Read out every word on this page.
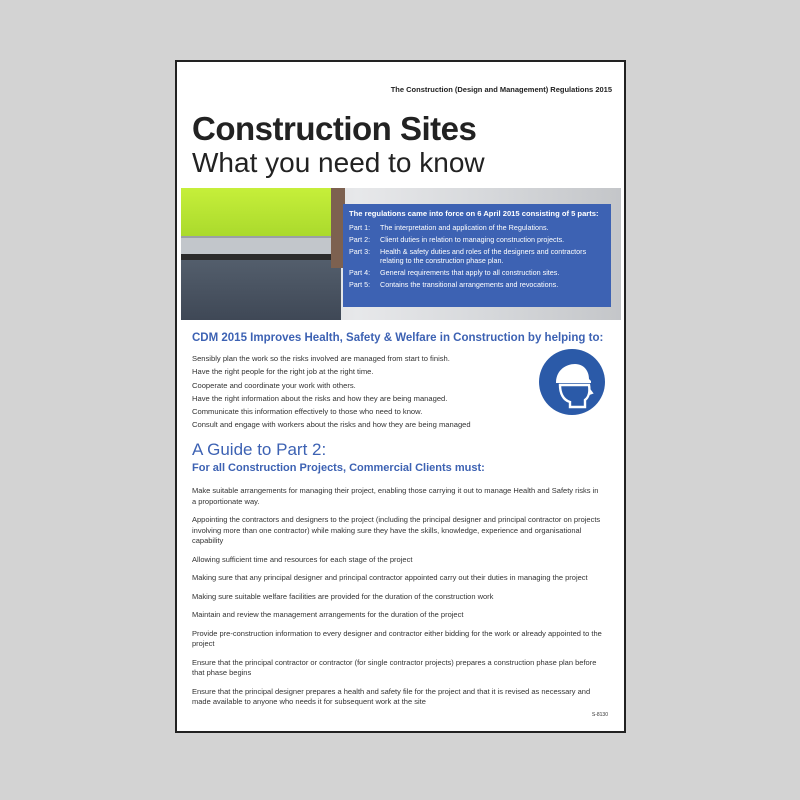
The Construction (Design and Management) Regulations 2015
Construction Sites
What you need to know
The regulations came into force on 6 April 2015 consisting of 5 parts:
Part 1:	The interpretation and application of the Regulations.
Part 2:	Client duties in relation to managing construction projects.
Part 3:	Health & safety duties and roles of the designers and contractors relating to the construction phase plan.
Part 4:	General requirements that apply to all construction sites.
Part 5:	Contains the transitional arrangements and revocations.
CDM 2015 Improves Health, Safety & Welfare in Construction by helping to:
Sensibly plan the work so the risks involved are managed from start to finish.
Have the right people for the right job at the right time.
Cooperate and coordinate your work with others.
Have the right information about the risks and how they are being managed.
Communicate this information effectively to those who need to know.
Consult and engage with workers about the risks and how they are being managed
A Guide to Part 2:
For all Construction Projects, Commercial Clients must:
Make suitable arrangements for managing their project, enabling those carrying it out to manage Health and Safety risks in a proportionate way.
Appointing the contractors and designers to the project (including the principal designer and principal contractor on projects involving more than one contractor) while making sure they have the skills, knowledge, experience and organisational capability
Allowing sufficient time and resources for each stage of the project
Making sure that any principal designer and principal contractor appointed carry out their duties in managing the project
Making sure suitable welfare facilities are provided for the duration of the construction work
Maintain and review the management arrangements for the duration of the project
Provide pre-construction information to every designer and contractor either bidding for the work or already appointed to the project
Ensure that the principal contractor or contractor (for single contractor projects) prepares a construction phase plan before that phase begins
Ensure that the principal designer prepares a health and safety file for the project and that it is revised as necessary and made available to anyone who needs it for subsequent work at the site
S-8130
